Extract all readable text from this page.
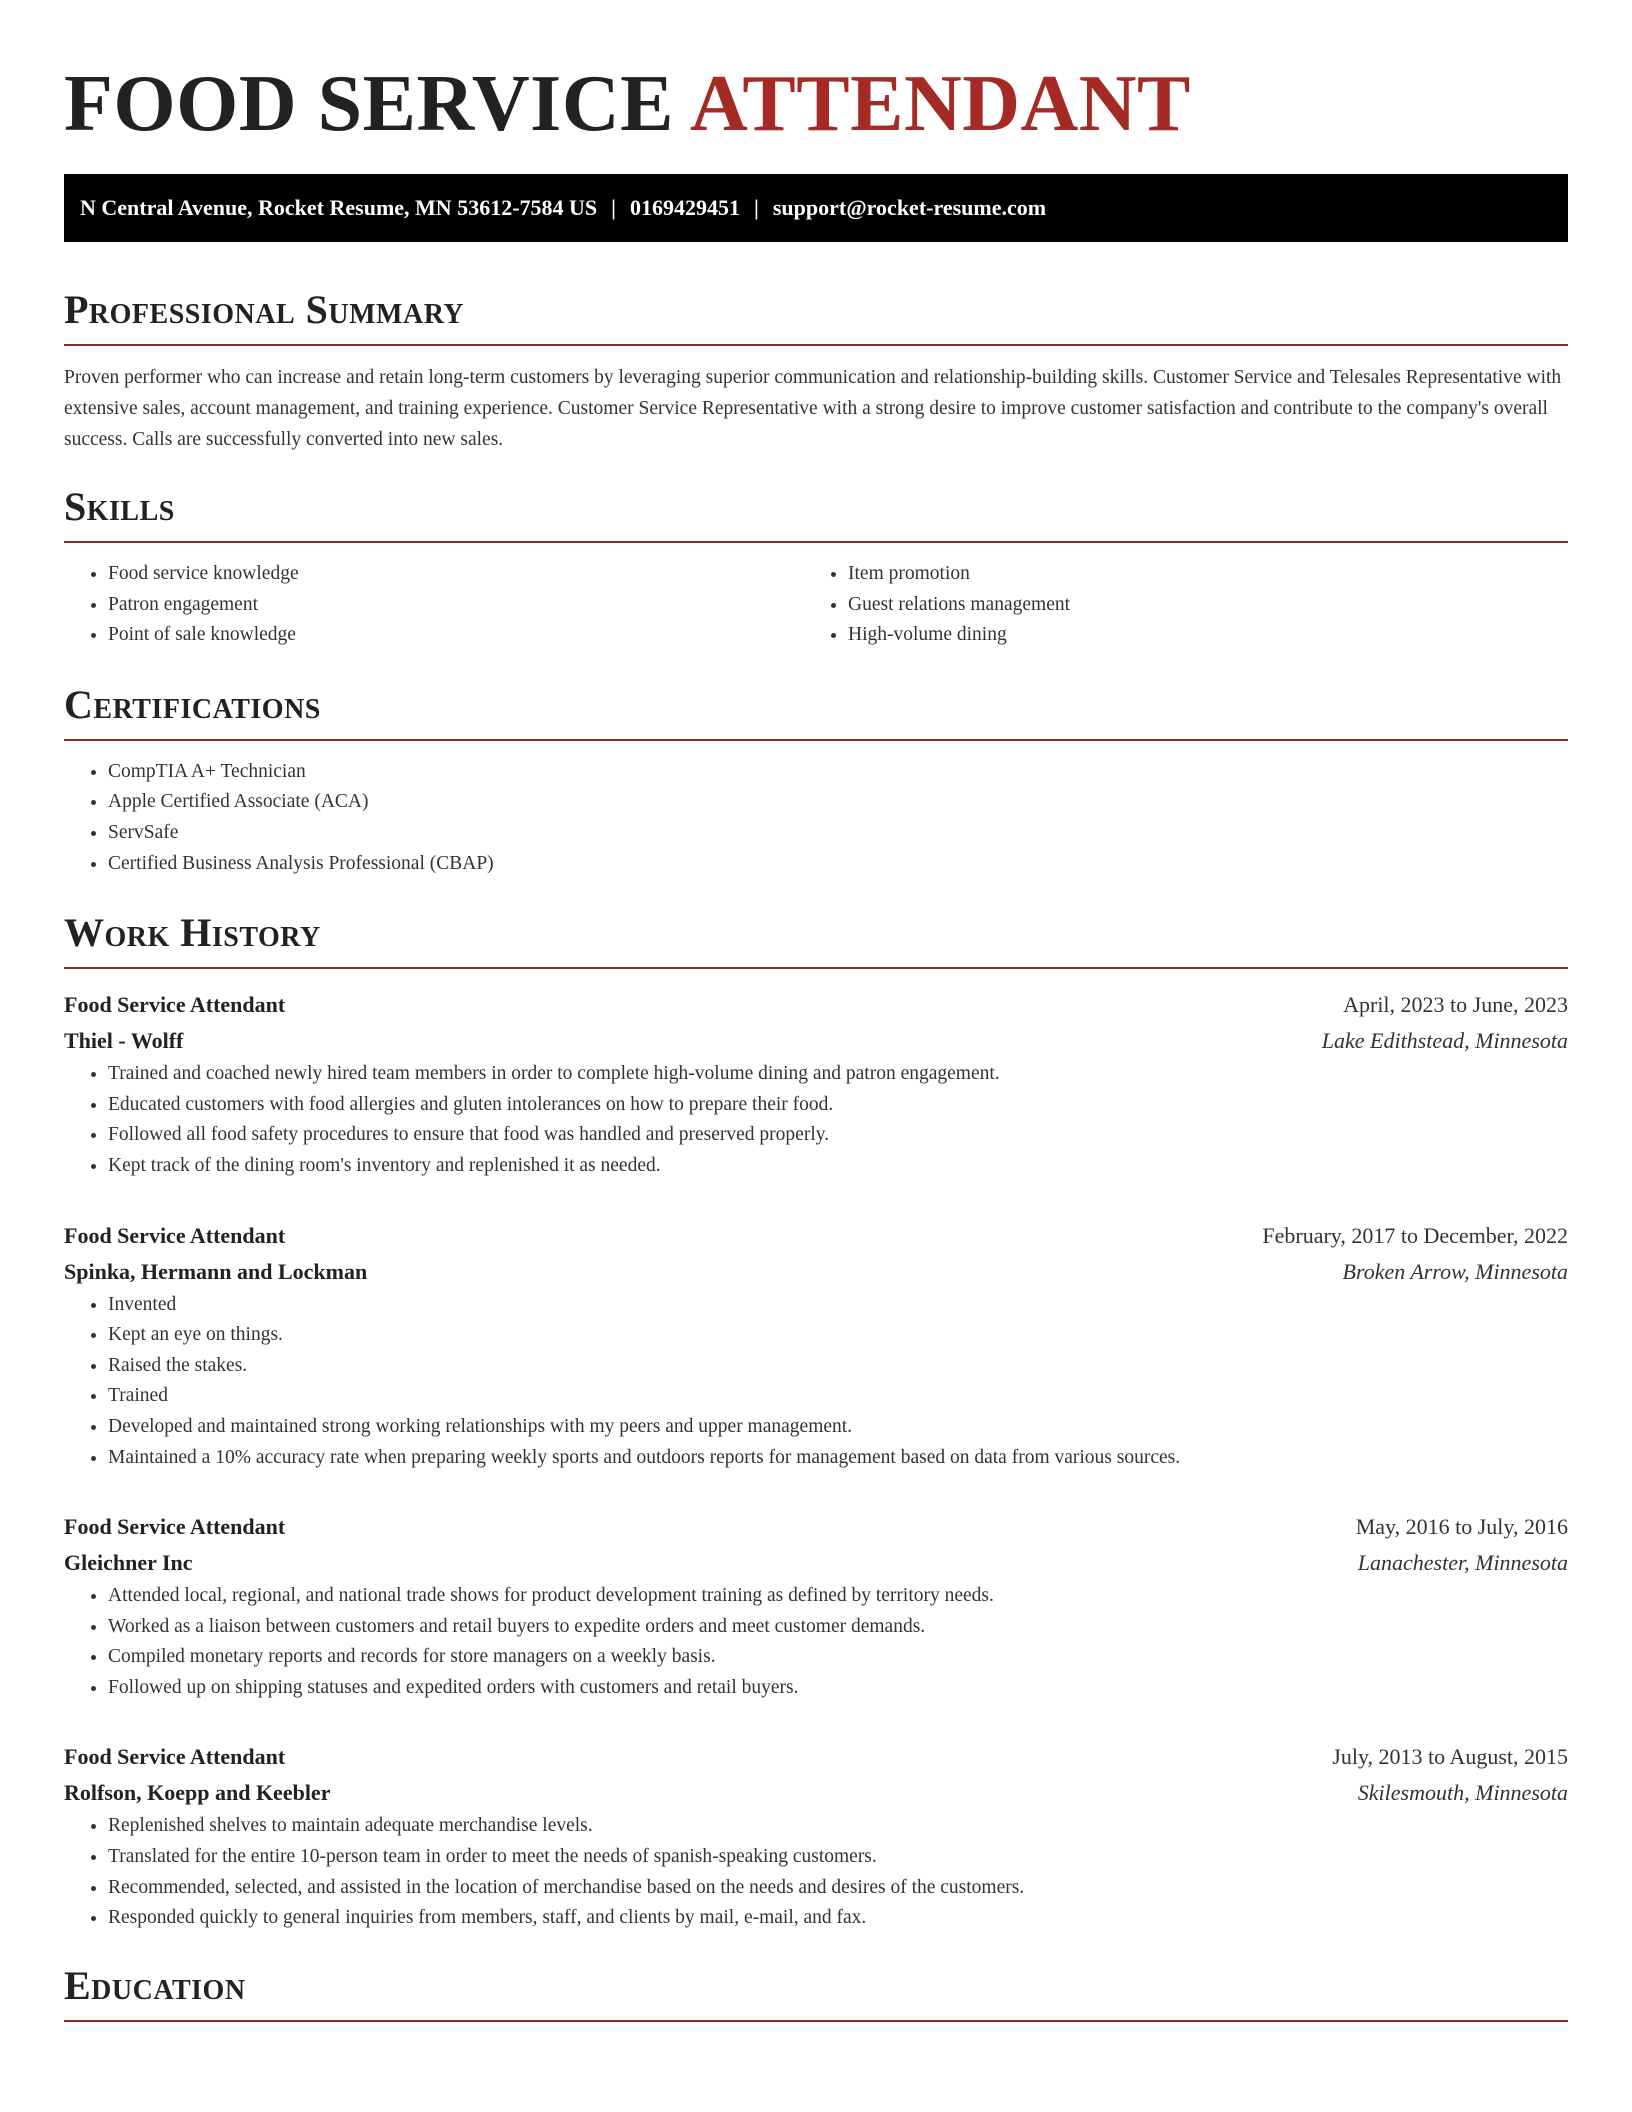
FOOD SERVICE ATTENDANT
N Central Avenue, Rocket Resume, MN 53612-7584 US | 0169429451 | support@rocket-resume.com
Professional Summary

Proven performer who can increase and retain long-term customers by leveraging superior communication and relationship-building skills. Customer Service and Telesales Representative with extensive sales, account management, and training experience. Customer Service Representative with a strong desire to improve customer satisfaction and contribute to the company's overall success. Calls are successfully converted into new sales.

Skills
• Food service knowledge
• Patron engagement
• Point of sale knowledge
• Item promotion
• Guest relations management
• High-volume dining
Certifications
• CompTIA A+ Technician
• Apple Certified Associate (ACA)
• ServSafe
• Certified Business Analysis Professional (CBAP)
Work History
Food Service Attendant	April, 2023 to June, 2023
Thiel - Wolff	Lake Edithstead, Minnesota
• Trained and coached newly hired team members in order to complete high-volume dining and patron engagement.
• Educated customers with food allergies and gluten intolerances on how to prepare their food.
• Followed all food safety procedures to ensure that food was handled and preserved properly.
• Kept track of the dining room's inventory and replenished it as needed.
Food Service Attendant	February, 2017 to December, 2022
Spinka, Hermann and Lockman	Broken Arrow, Minnesota
• Invented
• Kept an eye on things.
• Raised the stakes.
• Trained
• Developed and maintained strong working relationships with my peers and upper management.
• Maintained a 10% accuracy rate when preparing weekly sports and outdoors reports for management based on data from various sources.
Food Service Attendant	May, 2016 to July, 2016
Gleichner Inc	Lanachester, Minnesota
• Attended local, regional, and national trade shows for product development training as defined by territory needs.
• Worked as a liaison between customers and retail buyers to expedite orders and meet customer demands.
• Compiled monetary reports and records for store managers on a weekly basis.
• Followed up on shipping statuses and expedited orders with customers and retail buyers.
Food Service Attendant	July, 2013 to August, 2015
Rolfson, Koepp and Keebler	Skilesmouth, Minnesota
• Replenished shelves to maintain adequate merchandise levels.
• Translated for the entire 10-person team in order to meet the needs of spanish-speaking customers.
• Recommended, selected, and assisted in the location of merchandise based on the needs and desires of the customers.
• Responded quickly to general inquiries from members, staff, and clients by mail, e-mail, and fax.
Education
